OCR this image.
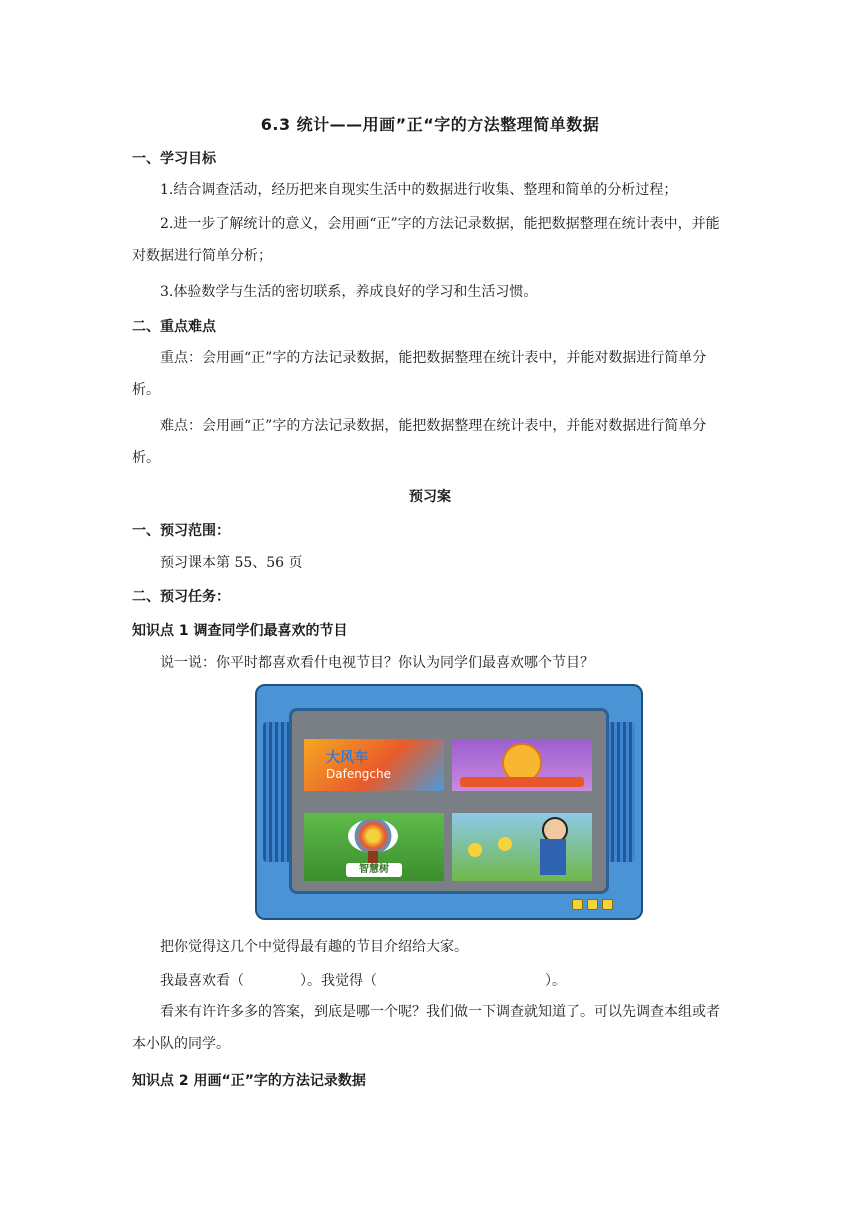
6.3 统计——用画”正“字的方法整理简单数据
一、学习目标
1.结合调查活动，经历把来自现实生活中的数据进行收集、整理和简单的分析过程；
2.进一步了解统计的意义，会用画“正”字的方法记录数据，能把数据整理在统计表中，并能对数据进行简单分析；
3.体验数学与生活的密切联系，养成良好的学习和生活习惯。
二、重点难点
重点：会用画“正”字的方法记录数据，能把数据整理在统计表中，并能对数据进行简单分析。
难点：会用画“正”字的方法记录数据，能把数据整理在统计表中，并能对数据进行简单分析。
预习案
一、预习范围：
预习课本第 55、56 页
二、预习任务：
知识点 1 调查同学们最喜欢的节目
说一说：你平时都喜欢看什电视节目？你认为同学们最喜欢哪个节目？
大风车
Dafengche
智慧树
把你觉得这几个中觉得最有趣的节目介绍给大家。
我最喜欢看（　　　　）。我觉得（　　　　　　　　　　　　）。
看来有许许多多的答案，到底是哪一个呢？我们做一下调查就知道了。可以先调查本组或者本小队的同学。
知识点 2 用画“正”字的方法记录数据
